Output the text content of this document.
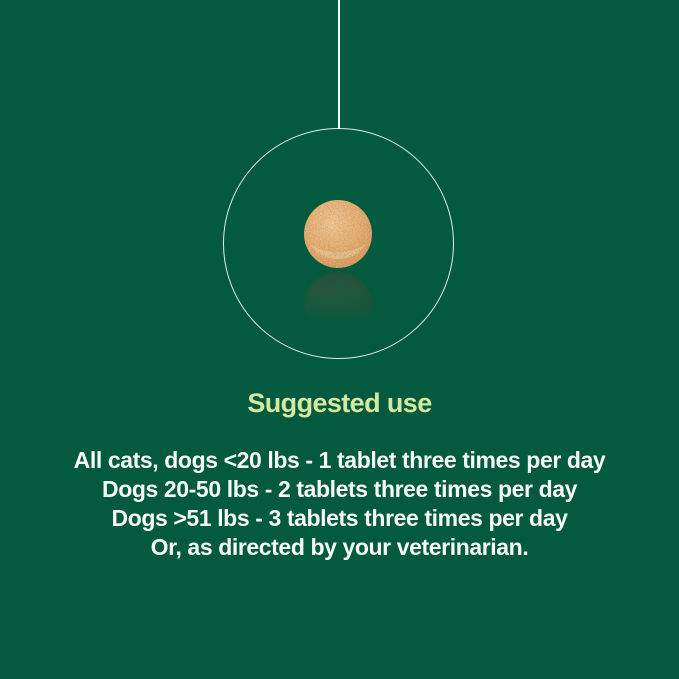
Suggested use

All cats, dogs <20 lbs - 1 tablet three times per day

Dogs 20-50 lbs - 2 tablets three times per day

Dogs >51 lbs - 3 tablets three times per day

Or, as directed by your veterinarian.
